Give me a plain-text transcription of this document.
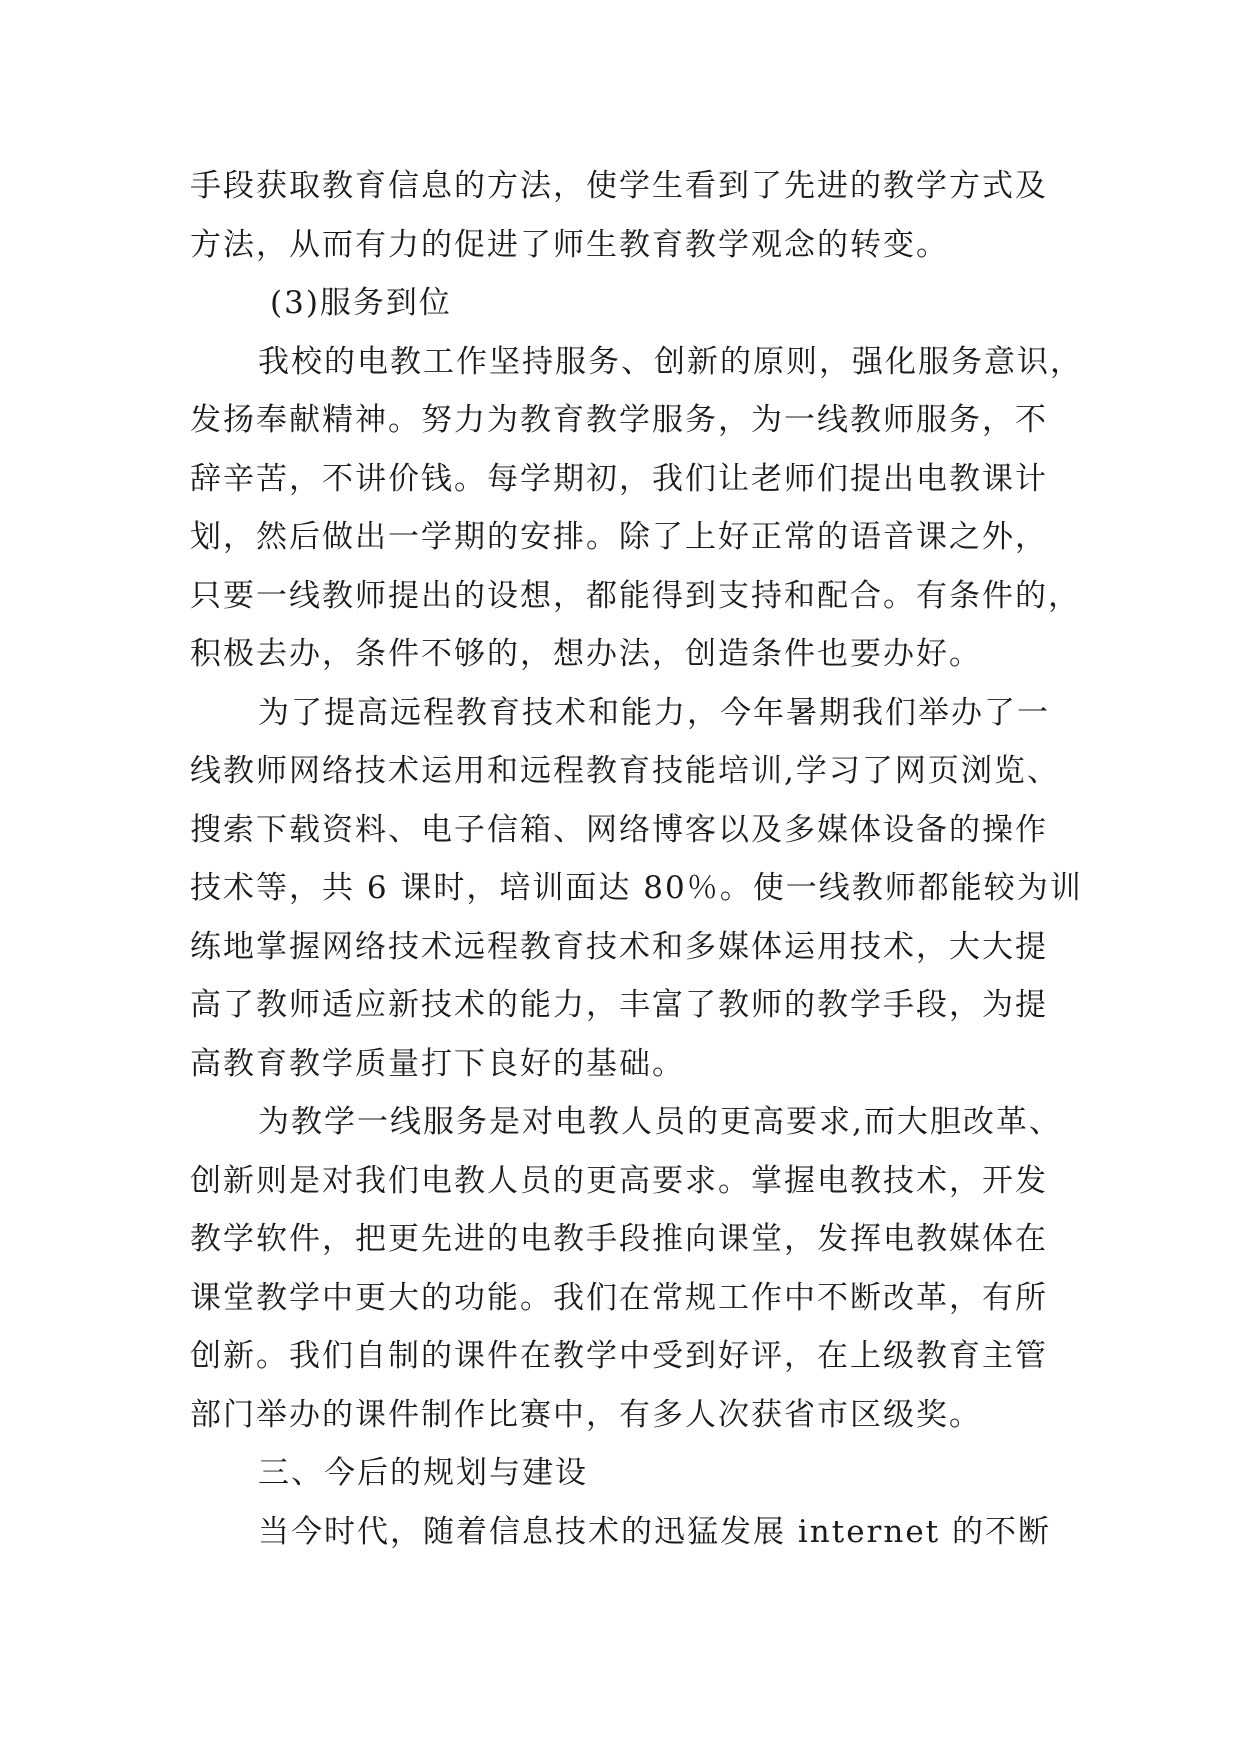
手段获取教育信息的方法，使学生看到了先进的教学方式及
方法，从而有力的促进了师生教育教学观念的转变。
(3)服务到位
我校的电教工作坚持服务、创新的原则，强化服务意识，
发扬奉献精神。努力为教育教学服务，为一线教师服务，不
辞辛苦，不讲价钱。每学期初，我们让老师们提出电教课计
划，然后做出一学期的安排。除了上好正常的语音课之外，
只要一线教师提出的设想，都能得到支持和配合。有条件的，
积极去办，条件不够的，想办法，创造条件也要办好。
为了提高远程教育技术和能力，今年暑期我们举办了一
线教师网络技术运用和远程教育技能培训,学习了网页浏览、
搜索下载资料、电子信箱、网络博客以及多媒体设备的操作
技术等，共 6 课时，培训面达 80％。使一线教师都能较为训
练地掌握网络技术远程教育技术和多媒体运用技术，大大提
高了教师适应新技术的能力，丰富了教师的教学手段，为提
高教育教学质量打下良好的基础。
为教学一线服务是对电教人员的更高要求,而大胆改革、
创新则是对我们电教人员的更高要求。掌握电教技术，开发
教学软件，把更先进的电教手段推向课堂，发挥电教媒体在
课堂教学中更大的功能。我们在常规工作中不断改革，有所
创新。我们自制的课件在教学中受到好评，在上级教育主管
部门举办的课件制作比赛中，有多人次获省市区级奖。
三、今后的规划与建设
当今时代，随着信息技术的迅猛发展 internet 的不断
